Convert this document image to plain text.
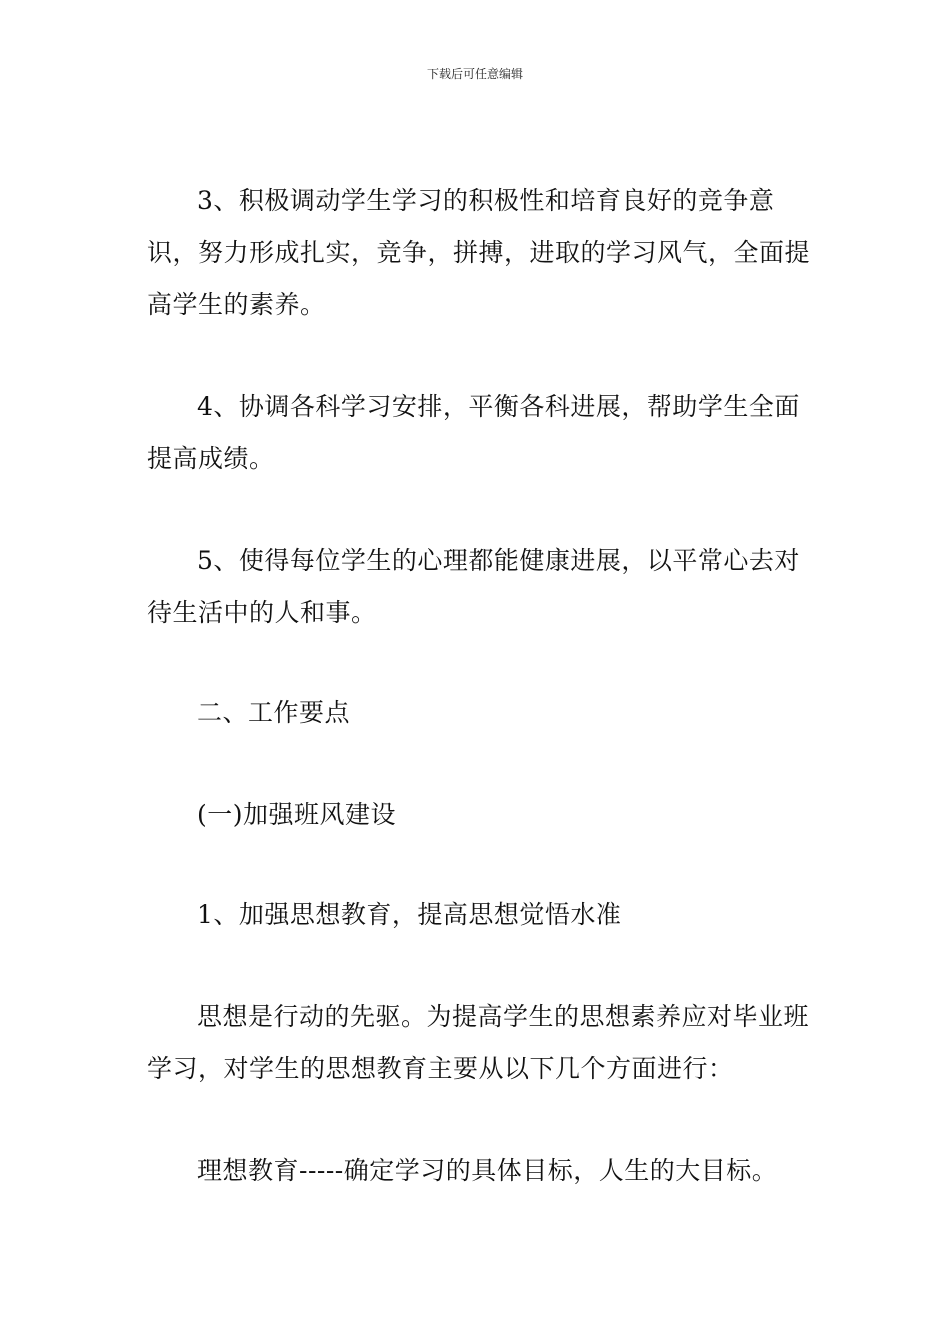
下载后可任意编辑

3、积极调动学生学习的积极性和培育良好的竞争意识，努力形成扎实，竞争，拼搏，进取的学习风气，全面提高学生的素养。

4、协调各科学习安排，平衡各科进展，帮助学生全面提高成绩。

5、使得每位学生的心理都能健康进展，以平常心去对待生活中的人和事。

二、工作要点

(一)加强班风建设

1、加强思想教育，提高思想觉悟水准

思想是行动的先驱。为提高学生的思想素养应对毕业班学习，对学生的思想教育主要从以下几个方面进行：

理想教育-----确定学习的具体目标，人生的大目标。
